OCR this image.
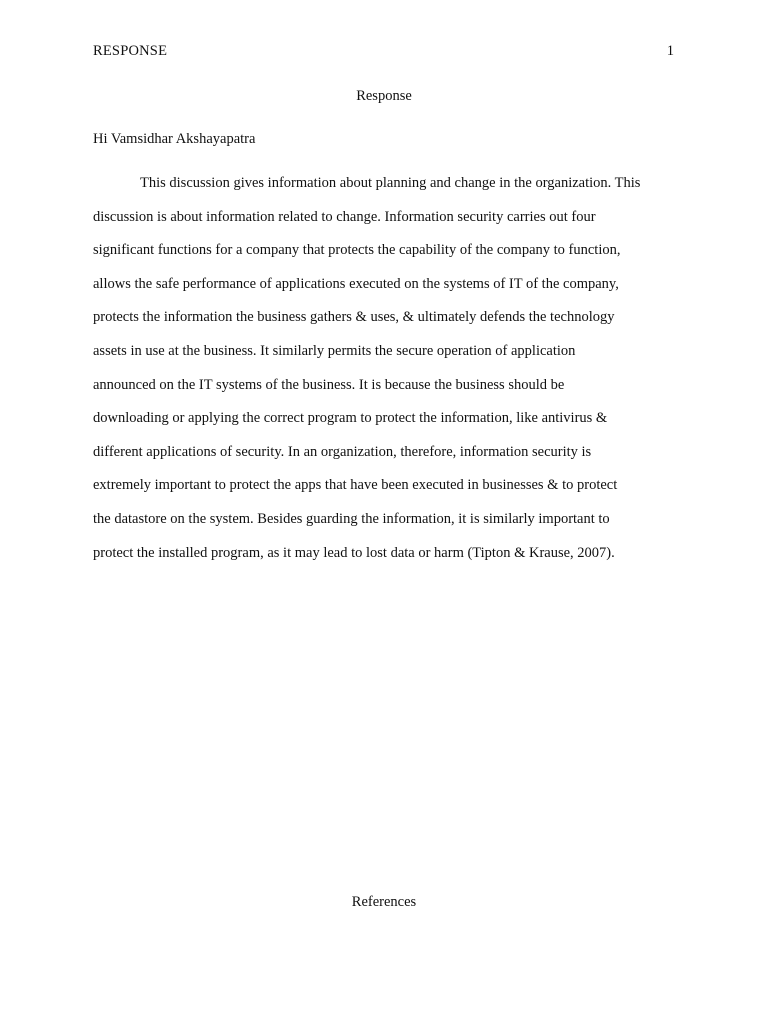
RESPONSE	1
Response
Hi Vamsidhar Akshayapatra
This discussion gives information about planning and change in the organization. This
discussion is about information related to change. Information security carries out four
significant functions for a company that protects the capability of the company to function,
allows the safe performance of applications executed on the systems of IT of the company,
protects the information the business gathers & uses, & ultimately defends the technology
assets in use at the business. It similarly permits the secure operation of application
announced on the IT systems of the business. It is because the business should be
downloading or applying the correct program to protect the information, like antivirus &
different applications of security. In an organization, therefore, information security is
extremely important to protect the apps that have been executed in businesses & to protect
the datastore on the system. Besides guarding the information, it is similarly important to
protect the installed program, as it may lead to lost data or harm (Tipton & Krause, 2007).
References
